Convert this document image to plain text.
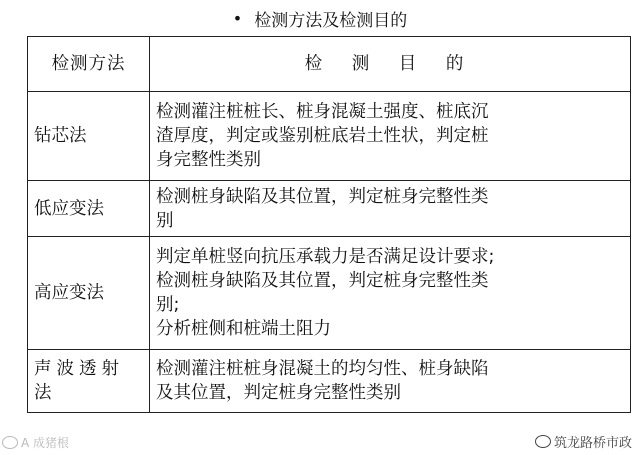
• 检测方法及检测目的
检测方法	检 测 目 的

钻芯法	检测灌注桩桩长、桩身混凝土强度、桩底沉
渣厚度，判定或鉴别桩底岩土性状，判定桩
身完整性类别

低应变法	检测桩身缺陷及其位置，判定桩身完整性类
别

高应变法	判定单桩竖向抗压承载力是否满足设计要求;
检测桩身缺陷及其位置，判定桩身完整性类
别;
分析桩侧和桩端土阻力

声波透射
法	检测灌注桩桩身混凝土的均匀性、桩身缺陷
及其位置，判定桩身完整性类别
A 成猪根	筑龙路桥市政
